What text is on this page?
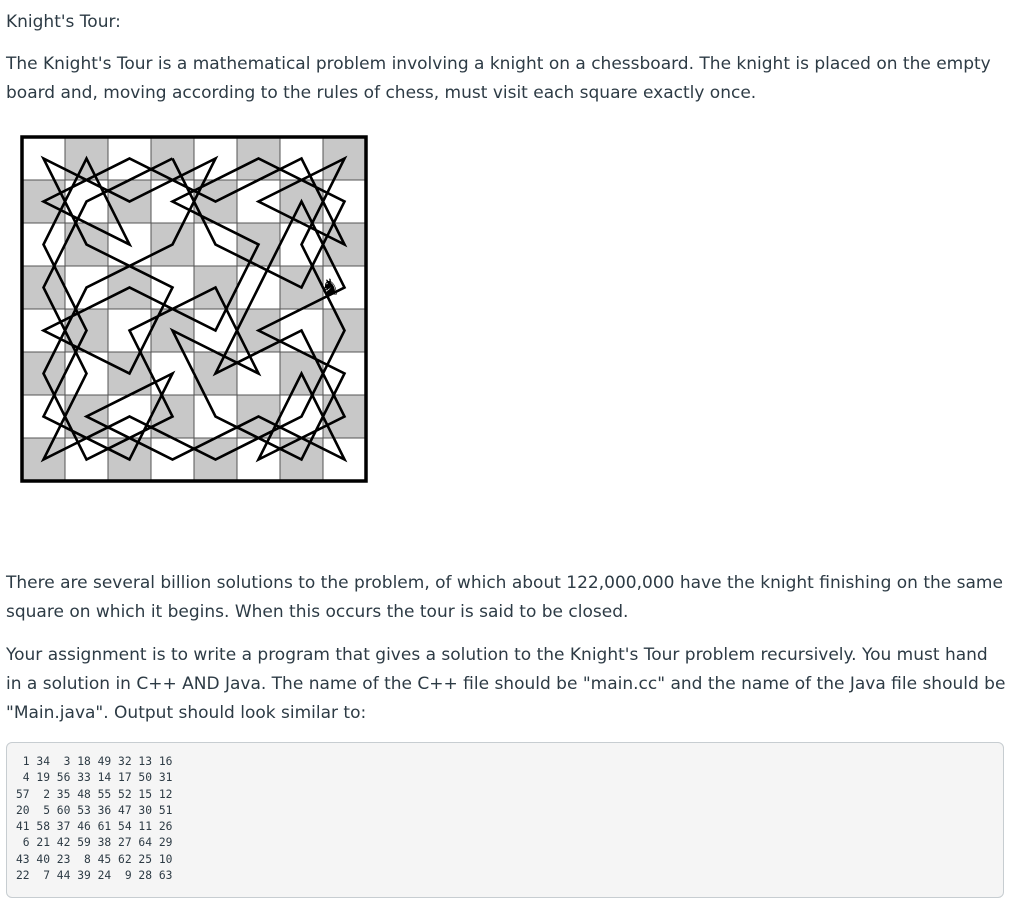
Knight's Tour:

The Knight's Tour is a mathematical problem involving a knight on a chessboard. The knight is placed on the empty board and, moving according to the rules of chess, must visit each square exactly once.

♞

There are several billion solutions to the problem, of which about 122,000,000 have the knight finishing on the same square on which it begins. When this occurs the tour is said to be closed.

Your assignment is to write a program that gives a solution to the Knight's Tour problem recursively. You must hand in a solution in C++ AND Java. The name of the C++ file should be "main.cc" and the name of the Java file should be "Main.java". Output should look similar to:

1 34  3 18 49 32 13 16
4 19 56 33 14 17 50 31
57  2 35 48 55 52 15 12
20  5 60 53 36 47 30 51
41 58 37 46 61 54 11 26
6 21 42 59 38 27 64 29
43 40 23  8 45 62 25 10
22  7 44 39 24  9 28 63
